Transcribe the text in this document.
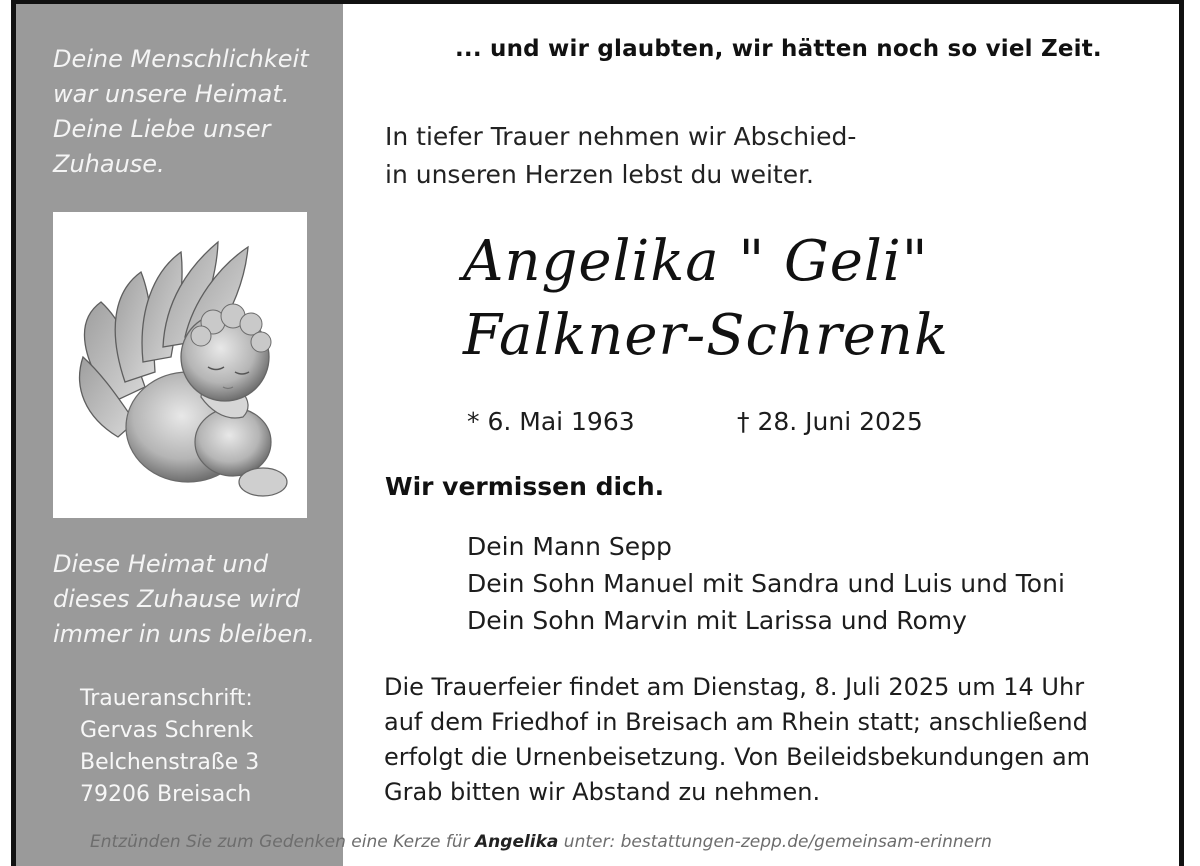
Deine Menschlichkeit
war unsere Heimat.
Deine Liebe unser
Zuhause.
Diese Heimat und
dieses Zuhause wird
immer in uns bleiben.
Traueranschrift:
Gervas Schrenk
Belchenstraße 3
79206 Breisach
... und wir glaubten, wir hätten noch so viel Zeit.
In tiefer Trauer nehmen wir Abschied-
in unseren Herzen lebst du weiter.
Angelika " Geli"
Falkner-Schrenk
* 6. Mai 1963	† 28. Juni 2025
Wir vermissen dich.
Dein Mann Sepp
Dein Sohn Manuel mit Sandra und Luis und Toni
Dein Sohn Marvin mit Larissa und Romy
Die Trauerfeier findet am Dienstag, 8. Juli 2025 um 14 Uhr
auf dem Friedhof in Breisach am Rhein statt; anschließend
erfolgt die Urnenbeisetzung. Von Beileidsbekundungen am
Grab bitten wir Abstand zu nehmen.
Entzünden Sie zum Gedenken eine Kerze für Angelika unter: bestattungen-zepp.de/gemeinsam-erinnern
